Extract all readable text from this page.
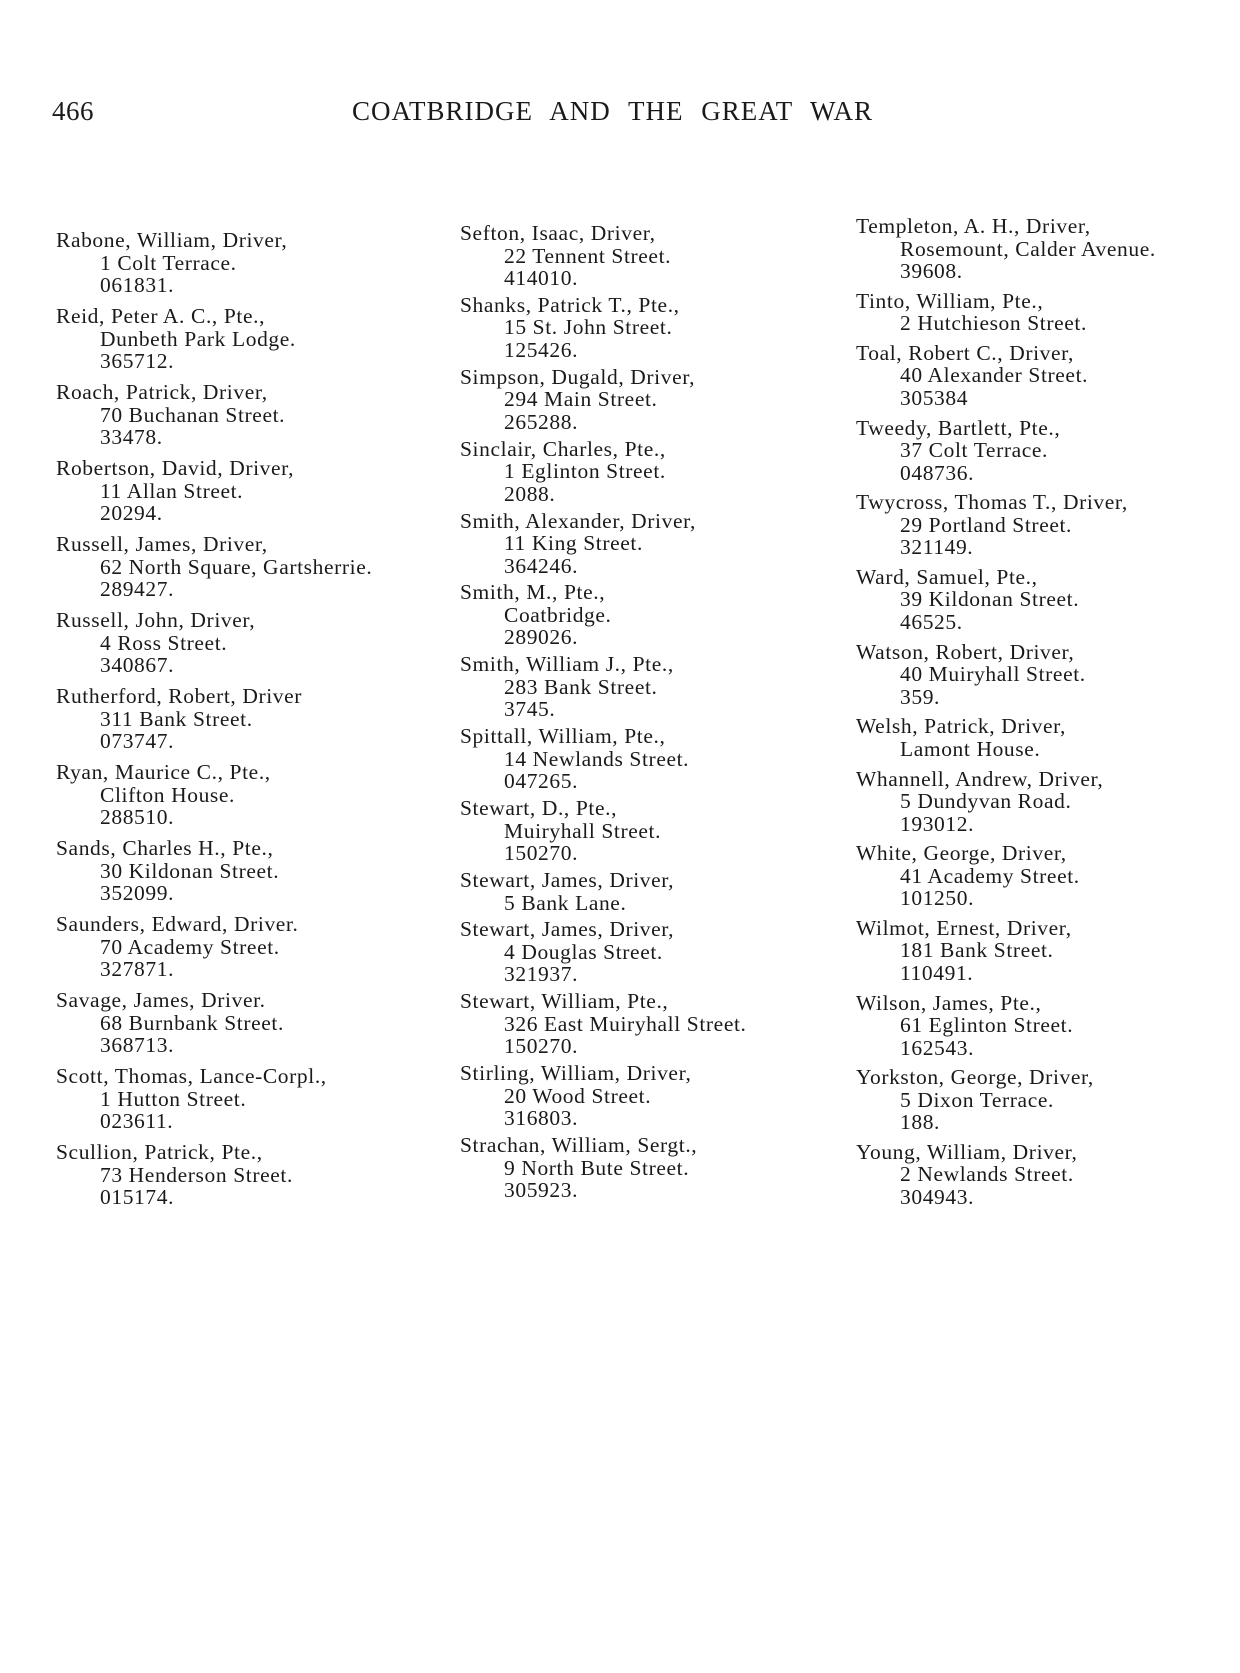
466	COATBRIDGE AND THE GREAT WAR
Rabone, William, Driver,
1 Colt Terrace.
061831.
Reid, Peter A. C., Pte.,
Dunbeth Park Lodge.
365712.
Roach, Patrick, Driver,
70 Buchanan Street.
33478.
Robertson, David, Driver,
11 Allan Street.
20294.
Russell, James, Driver,
62 North Square, Gartsherrie.
289427.
Russell, John, Driver,
4 Ross Street.
340867.
Rutherford, Robert, Driver
311 Bank Street.
073747.
Ryan, Maurice C., Pte.,
Clifton House.
288510.
Sands, Charles H., Pte.,
30 Kildonan Street.
352099.
Saunders, Edward, Driver.
70 Academy Street.
327871.
Savage, James, Driver.
68 Burnbank Street.
368713.
Scott, Thomas, Lance-Corpl.,
1 Hutton Street.
023611.
Scullion, Patrick, Pte.,
73 Henderson Street.
015174.
Sefton, Isaac, Driver,
22 Tennent Street.
414010.
Shanks, Patrick T., Pte.,
15 St. John Street.
125426.
Simpson, Dugald, Driver,
294 Main Street.
265288.
Sinclair, Charles, Pte.,
1 Eglinton Street.
2088.
Smith, Alexander, Driver,
11 King Street.
364246.
Smith, M., Pte.,
Coatbridge.
289026.
Smith, William J., Pte.,
283 Bank Street.
3745.
Spittall, William, Pte.,
14 Newlands Street.
047265.
Stewart, D., Pte.,
Muiryhall Street.
150270.
Stewart, James, Driver,
5 Bank Lane.
Stewart, James, Driver,
4 Douglas Street.
321937.
Stewart, William, Pte.,
326 East Muiryhall Street.
150270.
Stirling, William, Driver,
20 Wood Street.
316803.
Strachan, William, Sergt.,
9 North Bute Street.
305923.
Templeton, A. H., Driver,
Rosemount, Calder Avenue.
39608.
Tinto, William, Pte.,
2 Hutchieson Street.
Toal, Robert C., Driver,
40 Alexander Street.
305384
Tweedy, Bartlett, Pte.,
37 Colt Terrace.
048736.
Twycross, Thomas T., Driver,
29 Portland Street.
321149.
Ward, Samuel, Pte.,
39 Kildonan Street.
46525.
Watson, Robert, Driver,
40 Muiryhall Street.
359.
Welsh, Patrick, Driver,
Lamont House.
Whannell, Andrew, Driver,
5 Dundyvan Road.
193012.
White, George, Driver,
41 Academy Street.
101250.
Wilmot, Ernest, Driver,
181 Bank Street.
110491.
Wilson, James, Pte.,
61 Eglinton Street.
162543.
Yorkston, George, Driver,
5 Dixon Terrace.
188.
Young, William, Driver,
2 Newlands Street.
304943.
